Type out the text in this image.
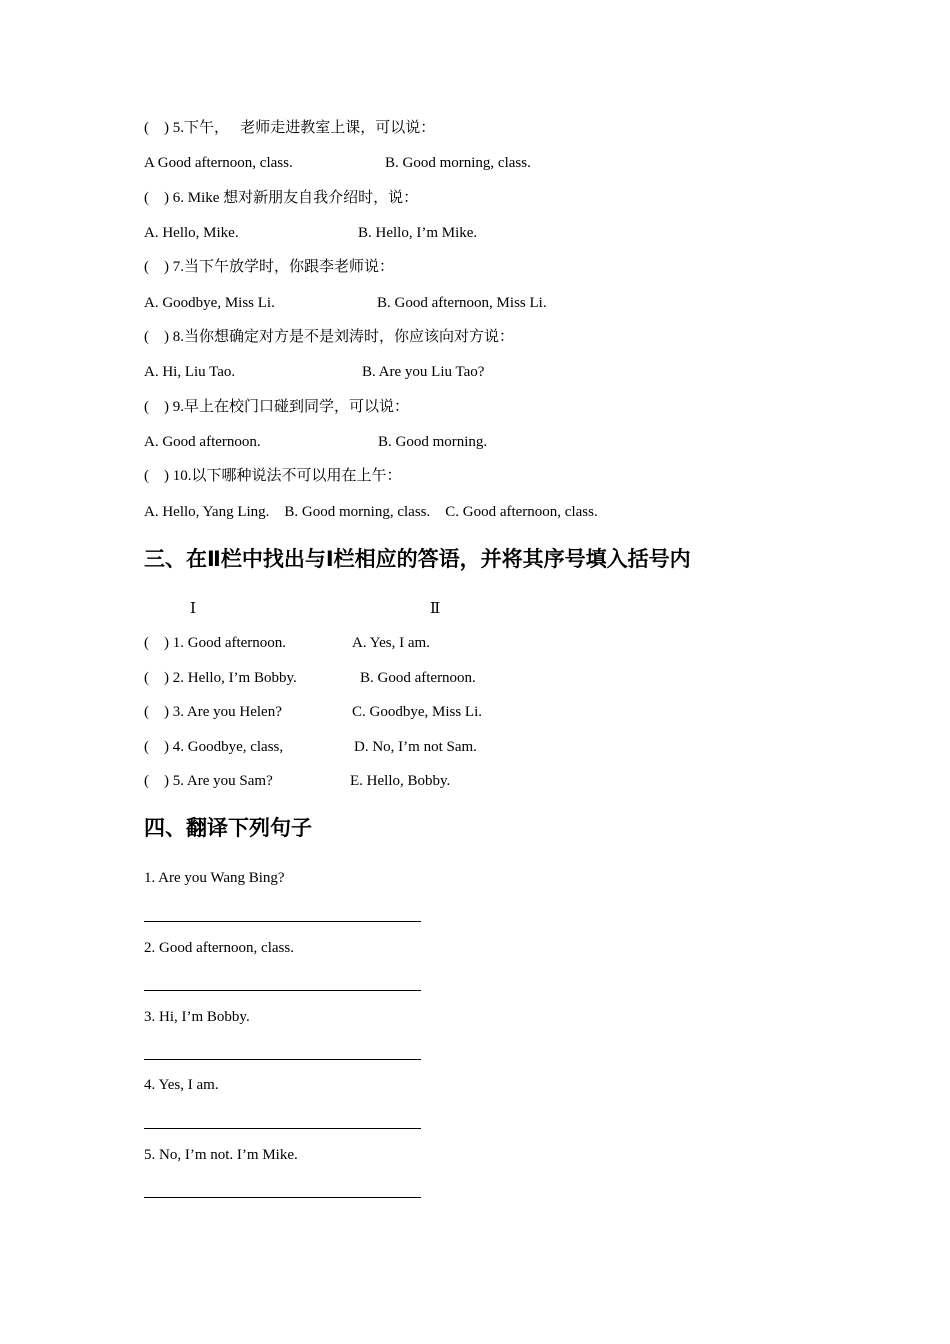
(    ) 5.下午，   老师走进教室上课，可以说：
A Good afternoon, class.	B. Good morning, class.
(    ) 6. Mike 想对新朋友自我介绍时，说：
A. Hello, Mike.	B. Hello, I’m Mike.
(    ) 7.当下午放学时，你跟李老师说：
A. Goodbye, Miss Li.	B. Good afternoon, Miss Li.
(    ) 8.当你想确定对方是不是刘涛时，你应该向对方说：
A. Hi, Liu Tao.	B. Are you Liu Tao?
(    ) 9.早上在校门口碰到同学，可以说：
A. Good afternoon.	B. Good morning.
(    ) 10.以下哪种说法不可以用在上午：
A. Hello, Yang Ling.    B. Good morning, class.    C. Good afternoon, class.
三、在Ⅱ栏中找出与Ⅰ栏相应的答语，并将其序号填入括号内
Ⅰ	Ⅱ
(    ) 1. Good afternoon.	A. Yes, I am.
(    ) 2. Hello, I’m Bobby.	B. Good afternoon.
(    ) 3. Are you Helen?	C. Goodbye, Miss Li.
(    ) 4. Goodbye, class,	D. No, I’m not Sam.
(    ) 5. Are you Sam?	E. Hello, Bobby.
四、翻译下列句子
1. Are you Wang Bing?
2. Good afternoon, class.
3. Hi, I’m Bobby.
4. Yes, I am.
5. No, I’m not. I’m Mike.
